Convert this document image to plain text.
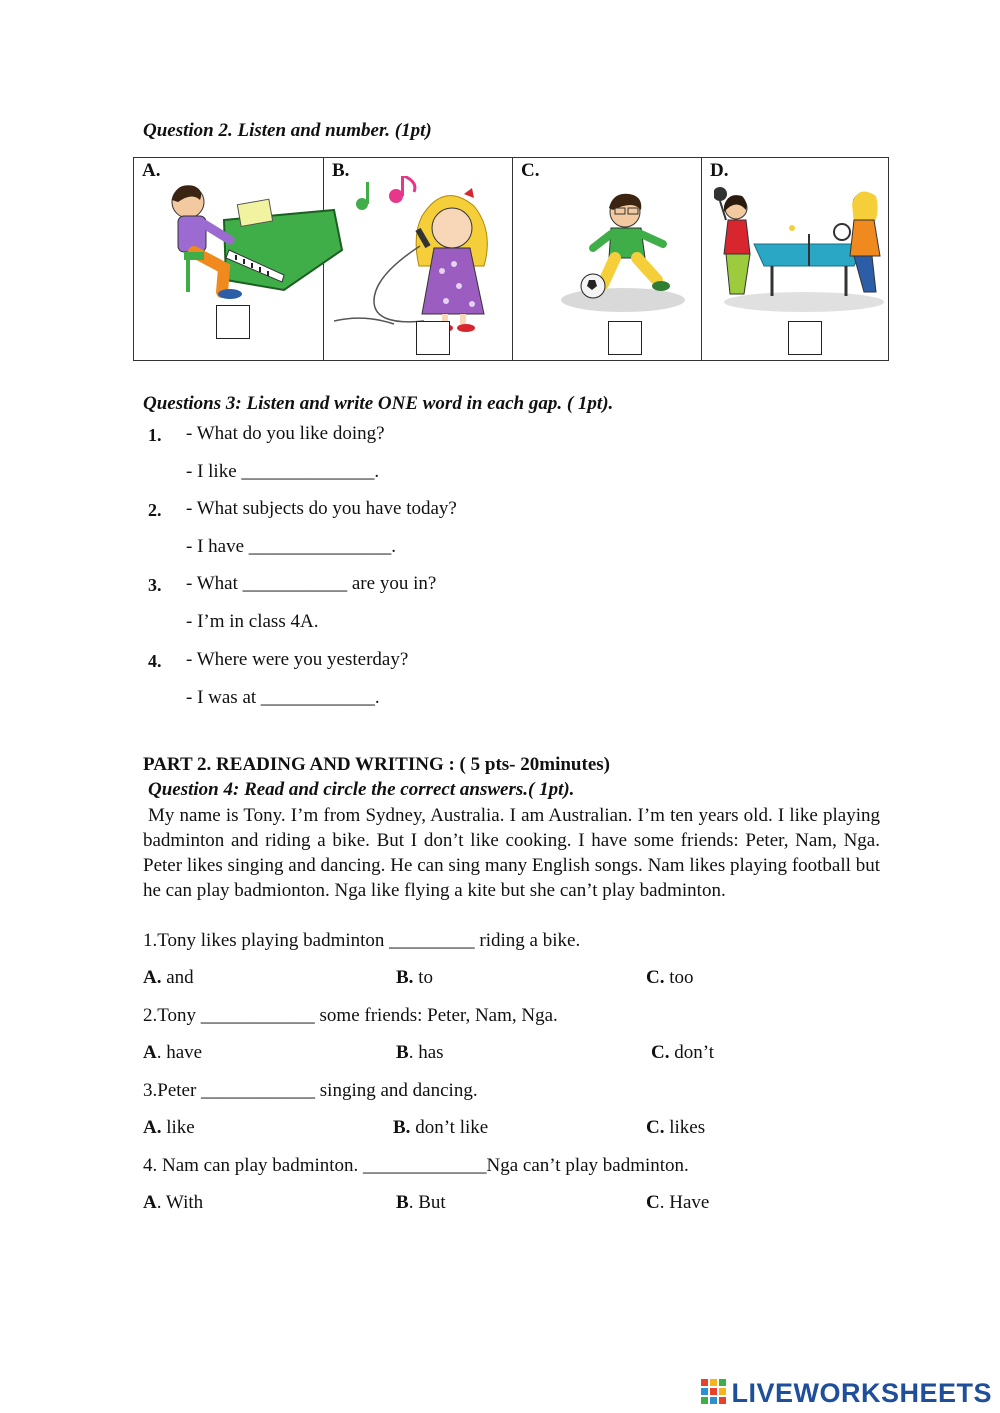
Question 2. Listen and number. (1pt)
A.	B.	C.	D.
Questions 3: Listen and write ONE word in each gap. ( 1pt).
1. - What do you like doing?
- I like ______________.
2. - What subjects do you have today?
- I have _______________.
3. - What ___________ are you in?
- I’m in class 4A.
4. - Where were you yesterday?
- I was at ____________.
PART 2. READING AND WRITING : ( 5 pts- 20minutes)
Question 4: Read and circle the correct answers.( 1pt).
My name is Tony. I’m from Sydney, Australia. I am Australian. I’m ten years old. I like playing badminton and riding a bike. But I don’t like cooking. I have some friends: Peter, Nam, Nga. Peter likes singing and dancing. He can sing many English songs. Nam likes playing football but he can play badmionton. Nga like flying a kite but she can’t play badminton.
1.Tony likes playing badminton _________ riding a bike.
A. and	B. to	C. too
2.Tony ____________ some friends: Peter, Nam, Nga.
A. have	B. has	C. don’t
3.Peter ____________ singing and dancing.
A. like	B. don’t like	C. likes
4. Nam can play badminton. _____________Nga can’t play badminton.
A. With	B. But	C. Have
LIVEWORKSHEETS
